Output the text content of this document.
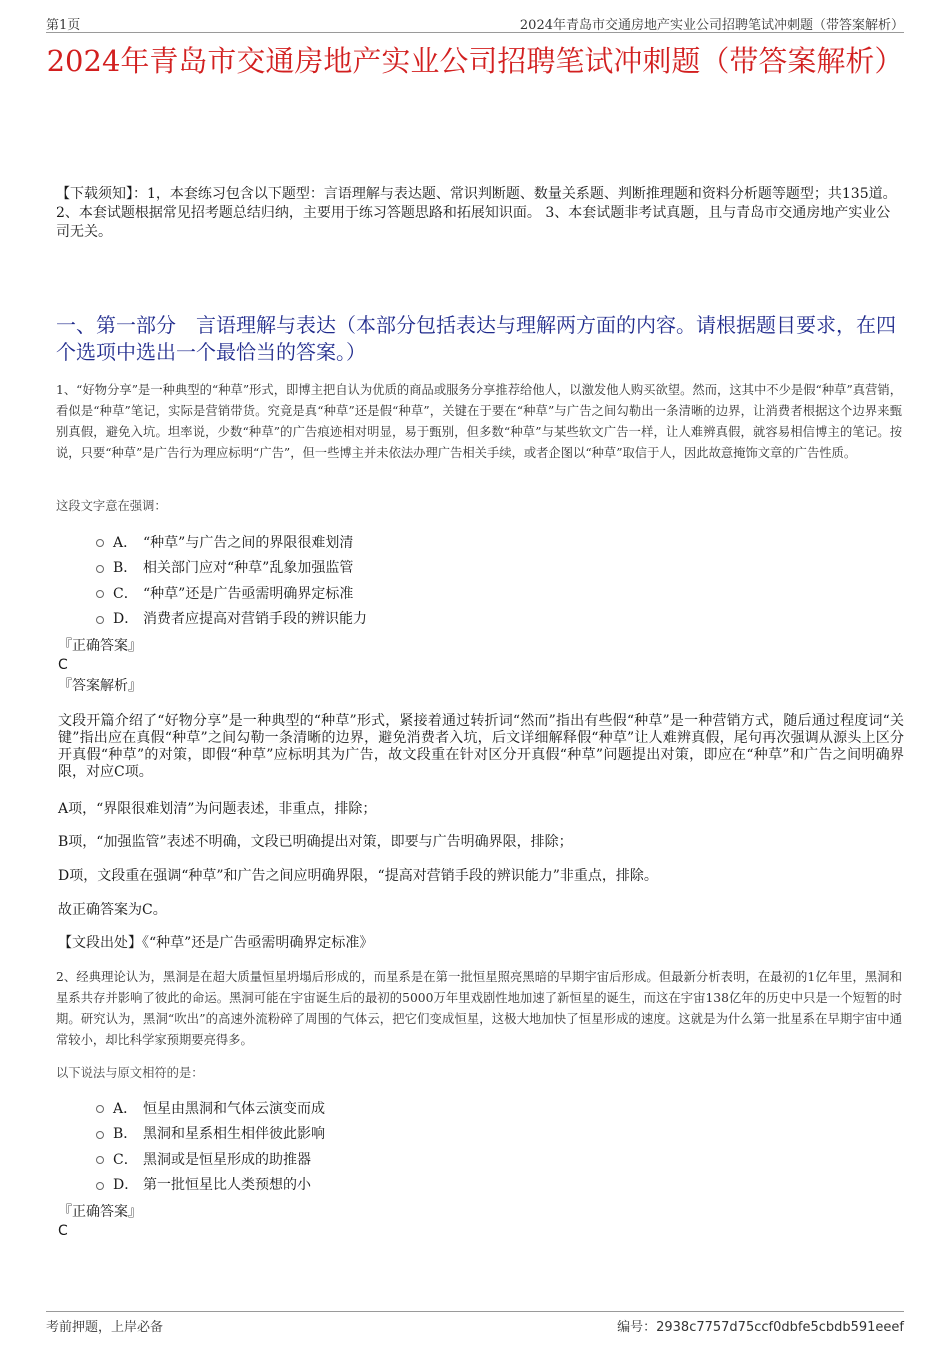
第1页	2024年青岛市交通房地产实业公司招聘笔试冲刺题（带答案解析）
2024年青岛市交通房地产实业公司招聘笔试冲刺题（带答案解析）
【下载须知】：1，本套练习包含以下题型：言语理解与表达题、常识判断题、数量关系题、判断推理题和资料分析题等题型；共135道。 2、本套试题根据常见招考题总结归纳，主要用于练习答题思路和拓展知识面。 3、本套试题非考试真题，且与青岛市交通房地产实业公司无关。
一、第一部分　言语理解与表达（本部分包括表达与理解两方面的内容。请根据题目要求，在四个选项中选出一个最恰当的答案。）
1、“好物分享”是一种典型的“种草”形式，即博主把自认为优质的商品或服务分享推荐给他人，以激发他人购买欲望。然而，这其中不少是假“种草”真营销，看似是“种草”笔记，实际是营销带货。究竟是真“种草”还是假“种草”，关键在于要在“种草”与广告之间勾勒出一条清晰的边界，让消费者根据这个边界来甄别真假，避免入坑。坦率说，少数“种草”的广告痕迹相对明显，易于甄别，但多数“种草”与某些软文广告一样，让人难辨真假，就容易相信博主的笔记。按说，只要“种草”是广告行为理应标明“广告”，但一些博主并未依法办理广告相关手续，或者企图以“种草”取信于人，因此故意掩饰文章的广告性质。
这段文字意在强调：
A． “种草”与广告之间的界限很难划清
B． 相关部门应对“种草”乱象加强监管
C． “种草”还是广告亟需明确界定标准
D． 消费者应提高对营销手段的辨识能力
『正确答案』
C
『答案解析』
文段开篇介绍了“好物分享”是一种典型的“种草”形式，紧接着通过转折词“然而”指出有些假“种草”是一种营销方式，随后通过程度词“关键”指出应在真假“种草”之间勾勒一条清晰的边界，避免消费者入坑，后文详细解释假“种草”让人难辨真假，尾句再次强调从源头上区分开真假“种草”的对策，即假“种草”应标明其为广告，故文段重在针对区分开真假“种草”问题提出对策，即应在“种草”和广告之间明确界限，对应C项。
A项，“界限很难划清”为问题表述，非重点，排除；
B项，“加强监管”表述不明确，文段已明确提出对策，即要与广告明确界限，排除；
D项，文段重在强调“种草”和广告之间应明确界限，“提高对营销手段的辨识能力”非重点，排除。
故正确答案为C。
【文段出处】《“种草”还是广告亟需明确界定标准》
2、经典理论认为，黑洞是在超大质量恒星坍塌后形成的，而星系是在第一批恒星照亮黑暗的早期宇宙后形成。但最新分析表明，在最初的1亿年里，黑洞和星系共存并影响了彼此的命运。黑洞可能在宇宙诞生后的最初的5000万年里戏剧性地加速了新恒星的诞生，而这在宇宙138亿年的历史中只是一个短暂的时期。研究认为，黑洞“吹出”的高速外流粉碎了周围的气体云，把它们变成恒星，这极大地加快了恒星形成的速度。这就是为什么第一批星系在早期宇宙中通常较小，却比科学家预期要亮得多。
以下说法与原文相符的是：
A． 恒星由黑洞和气体云演变而成
B． 黑洞和星系相生相伴彼此影响
C． 黑洞或是恒星形成的助推器
D． 第一批恒星比人类预想的小
『正确答案』
C
考前押题，上岸必备	编号：2938c7757d75ccf0dbfe5cbdb591eeef
